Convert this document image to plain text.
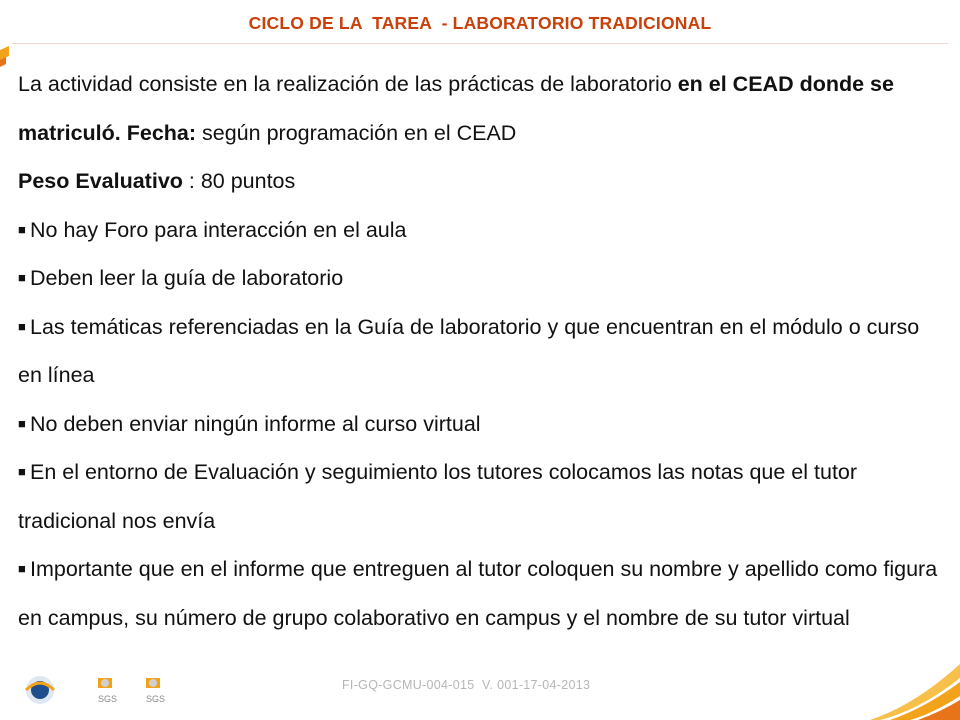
CICLO DE LA  TAREA  - LABORATORIO TRADICIONAL

La actividad consiste en la realización de las prácticas de laboratorio en el CEAD donde se matriculó. Fecha: según programación en el CEAD

Peso Evaluativo : 80 puntos

■ No hay Foro para interacción en el aula

■ Deben leer la guía de laboratorio

■ Las temáticas referenciadas en la Guía de laboratorio y que encuentran en el módulo o curso en línea

■ No deben enviar ningún informe al curso virtual

■ En el entorno de Evaluación y seguimiento los tutores colocamos las notas que el tutor tradicional nos envía

■ Importante que en el informe que entreguen al tutor coloquen su nombre y apellido como figura en campus, su número de grupo colaborativo en campus y el nombre de su tutor virtual

SGS	SGS
FI-GQ-GCMU-004-015  V. 001-17-04-2013
